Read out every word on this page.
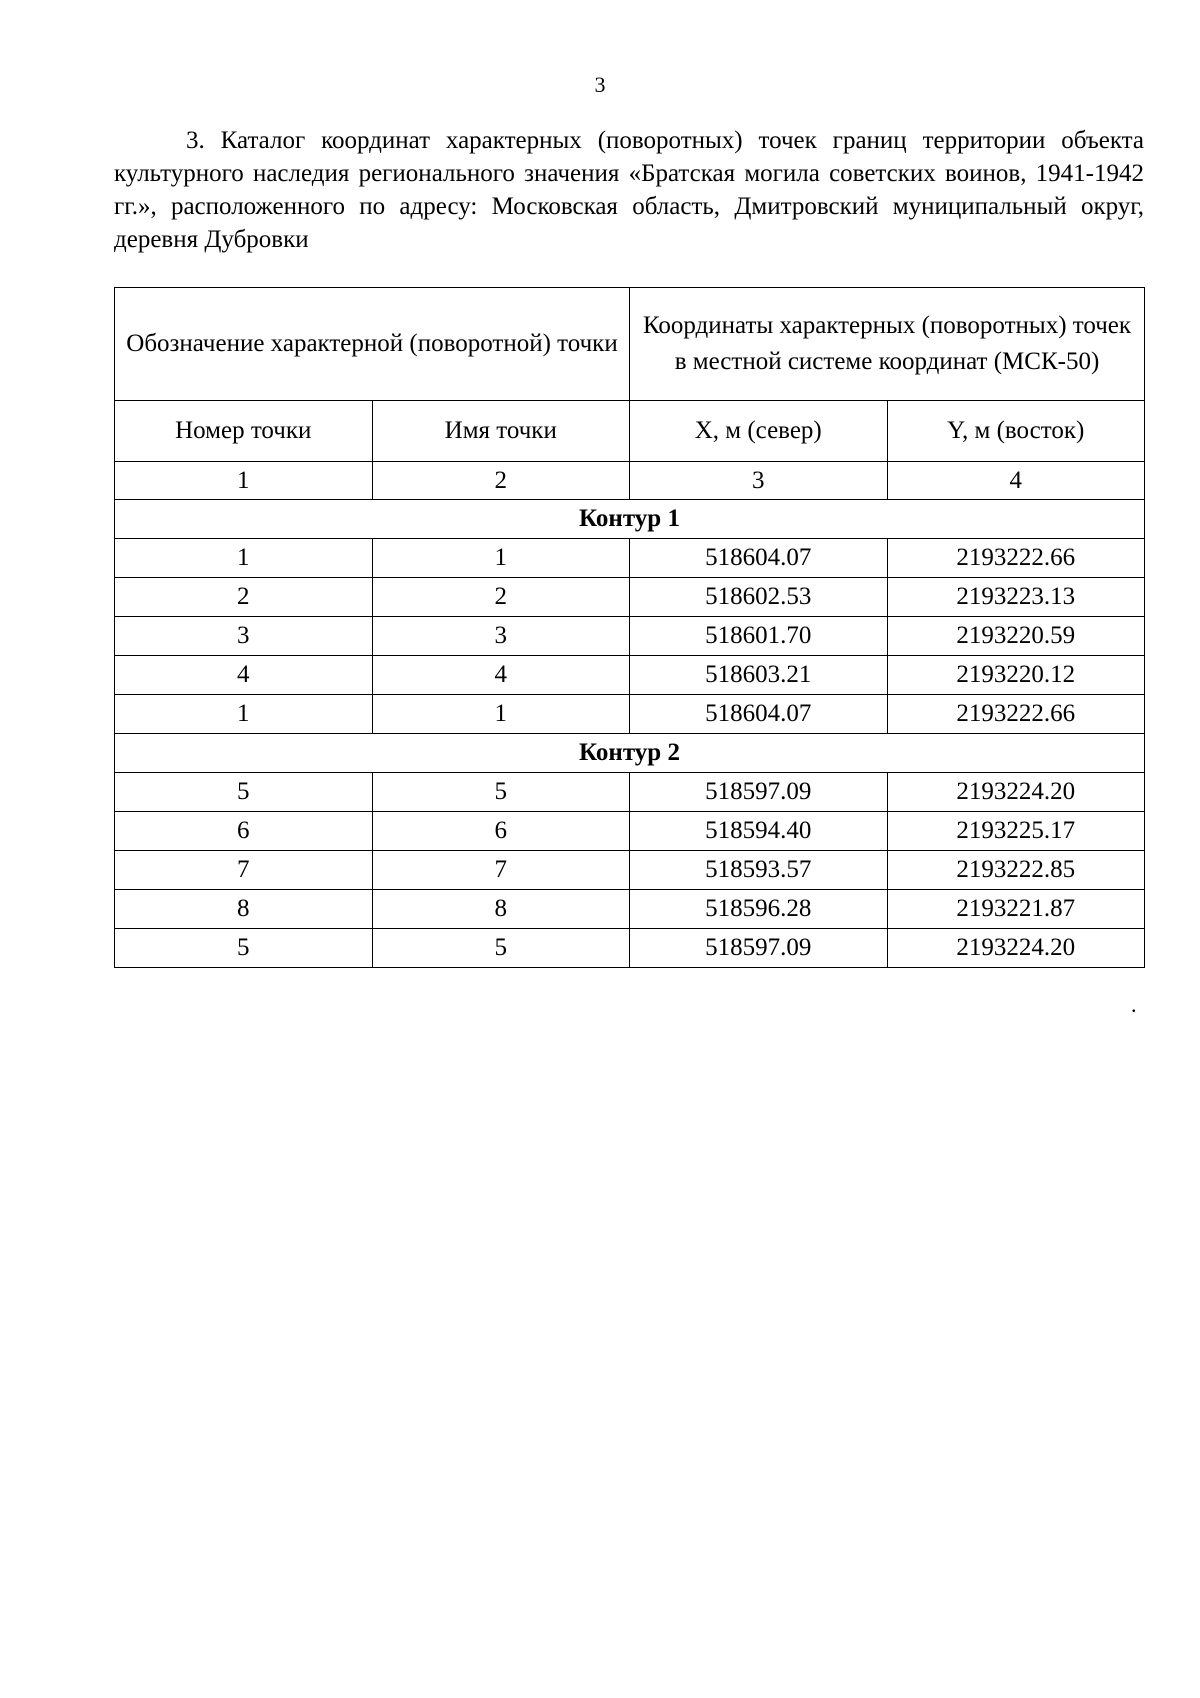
3

3. Каталог координат характерных (поворотных) точек границ территории объекта культурного наследия регионального значения «Братская могила советских воинов, 1941-1942 гг.», расположенного по адресу: Московская область, Дмитровский муниципальный округ, деревня Дубровки

Обозначение характерной (поворотной) точки		Координаты характерных (поворотных) точек в местной системе координат (МСК-50)	
Номер точки	Имя точки	X, м (север)	Y, м (восток)
1	2	3	4
Контур 1			
1	1	518604.07	2193222.66
2	2	518602.53	2193223.13
3	3	518601.70	2193220.59
4	4	518603.21	2193220.12
1	1	518604.07	2193222.66
Контур 2			
5	5	518597.09	2193224.20
6	6	518594.40	2193225.17
7	7	518593.57	2193222.85
8	8	518596.28	2193221.87
5	5	518597.09	2193224.20
.
